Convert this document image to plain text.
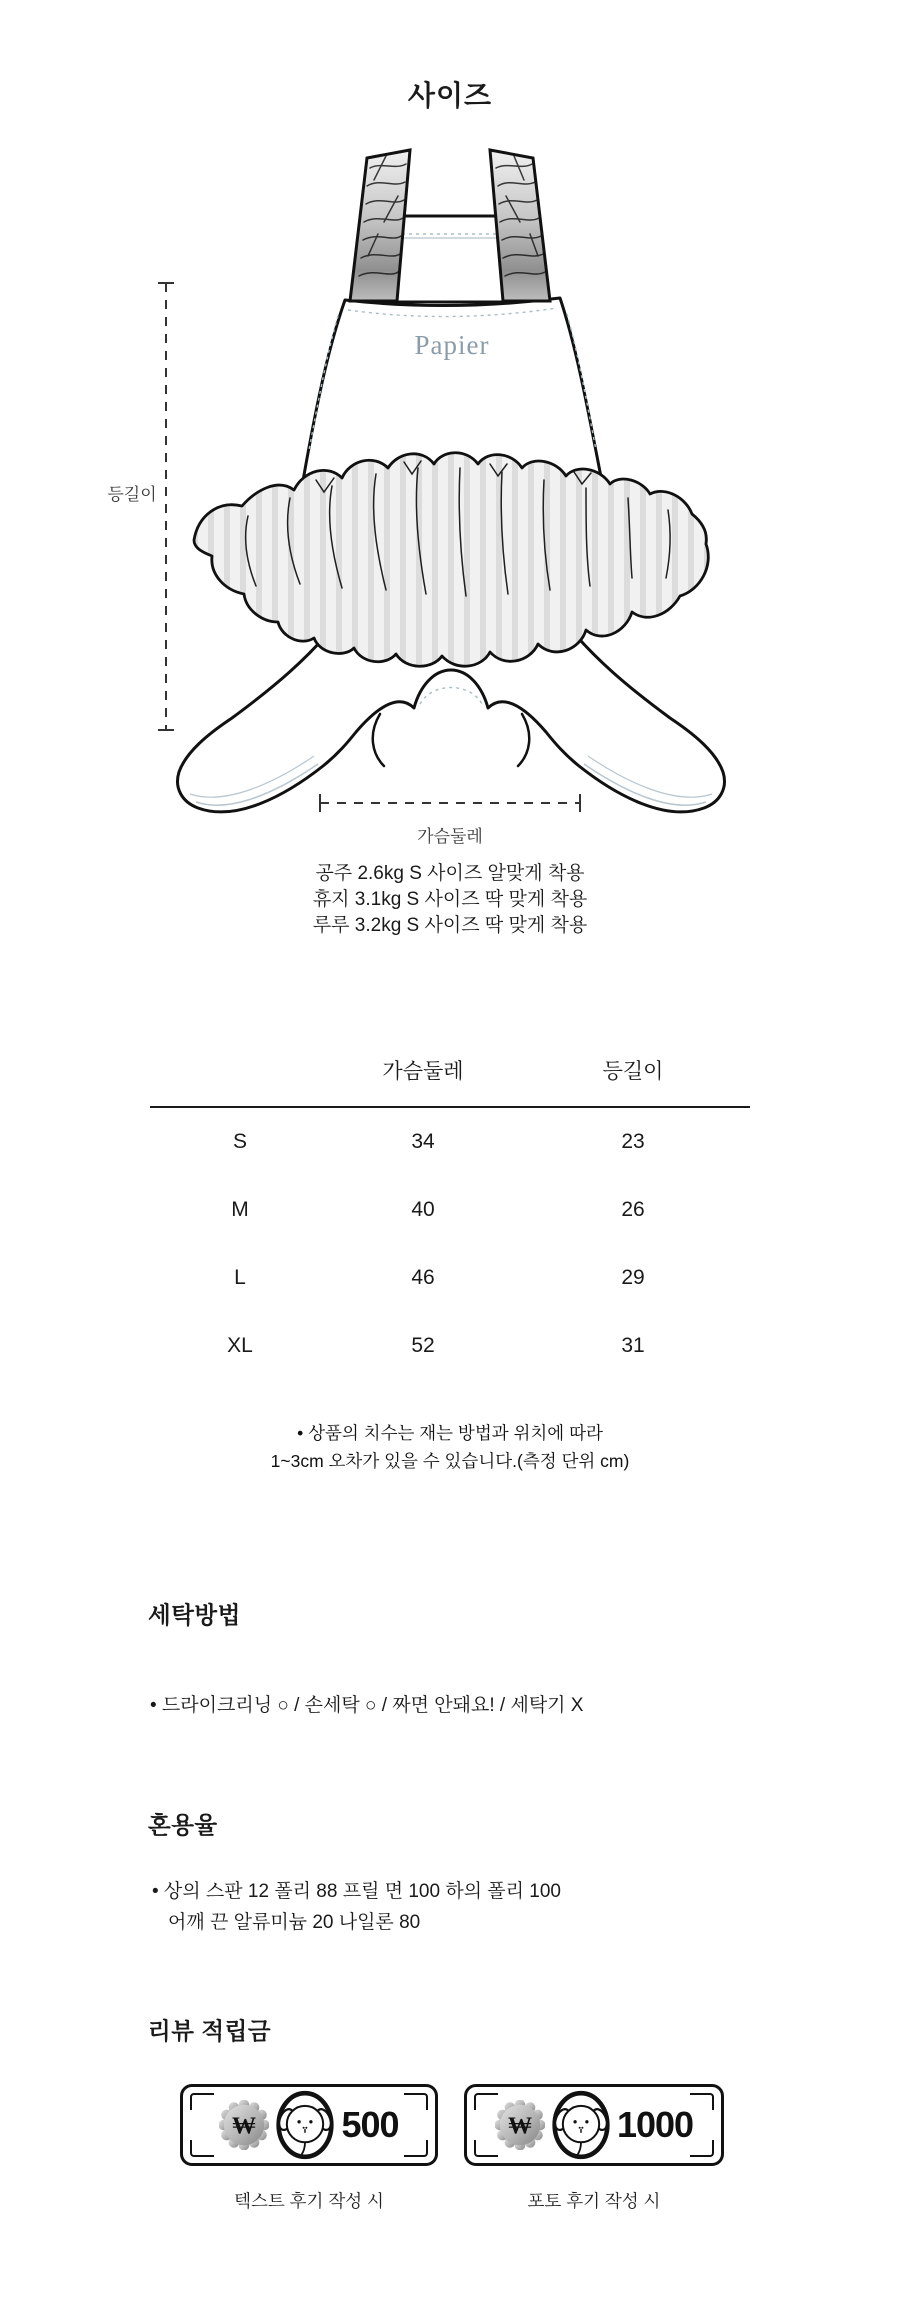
사이즈
Papier
등길이
가슴둘레
공주 2.6kg S 사이즈 알맞게 착용
휴지 3.1kg S 사이즈 딱 맞게 착용
루루 3.2kg S 사이즈 딱 맞게 착용
가슴둘레	등길이
S	34	23
M	40	26
L	46	29
XL	52	31
• 상품의 치수는 재는 방법과 위치에 따라
1~3cm 오차가 있을 수 있습니다.(측정 단위 cm)
세탁방법
• 드라이크리닝 ○ / 손세탁 ○ / 짜면 안돼요! / 세탁기 X
혼용율
• 상의 스판 12 폴리 88 프릴 면 100 하의 폴리 100
어깨 끈 알류미늄 20 나일론 80
리뷰 적립금
₩ 500
텍스트 후기 작성 시
₩ 1000
포토 후기 작성 시
